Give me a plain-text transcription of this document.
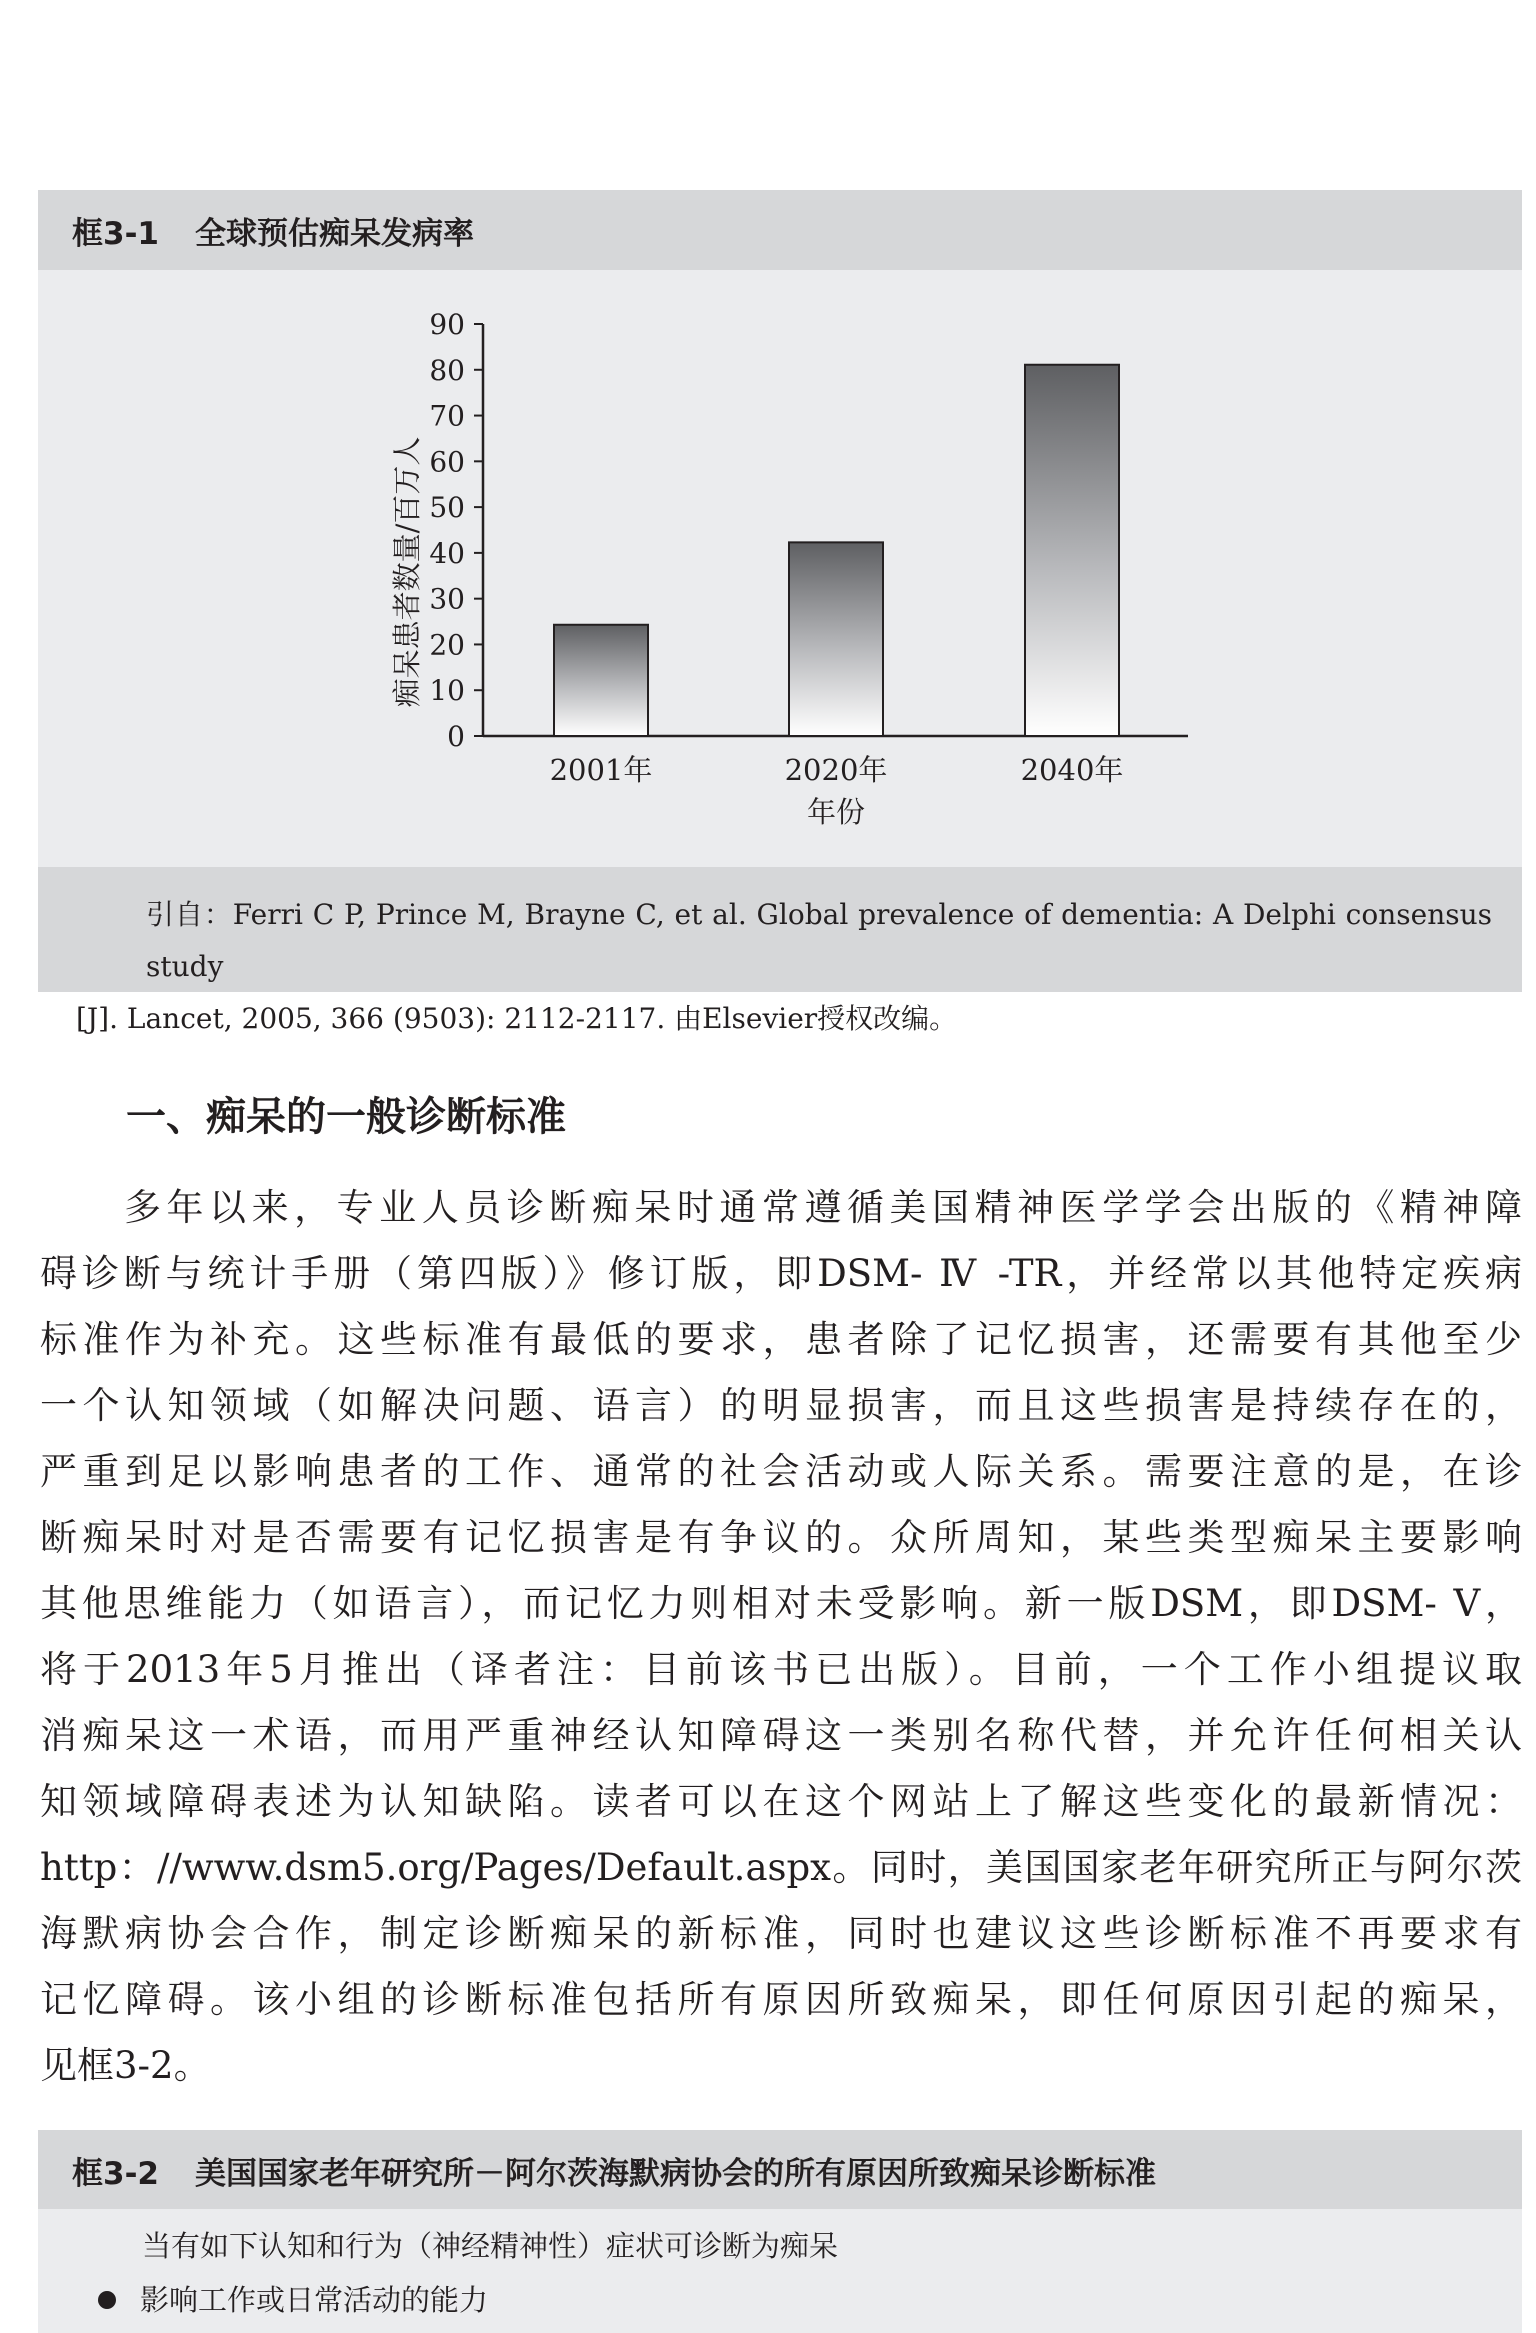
框3-1 全球预估痴呆发病率
0
10
20
30
40
50
60
70
80
90
2001年	2020年	2040年
年份
痴呆患者数量/百万人

引自：Ferri C P, Prince M, Brayne C, et al. Global prevalence of dementia: A Delphi consensus study

[J]. Lancet, 2005, 366 (9503): 2112-2117. 由Elsevier授权改编。

一、痴呆的一般诊断标准
多年以来，专业人员诊断痴呆时通常遵循美国精神医学学会出版的《精神障
碍诊断与统计手册（第四版）》修订版，即DSM- Ⅳ -TR，并经常以其他特定疾病
标准作为补充。这些标准有最低的要求，患者除了记忆损害，还需要有其他至少
一个认知领域（如解决问题、语言）的明显损害，而且这些损害是持续存在的，
严重到足以影响患者的工作、通常的社会活动或人际关系。需要注意的是，在诊
断痴呆时对是否需要有记忆损害是有争议的。众所周知，某些类型痴呆主要影响
其他思维能力（如语言），而记忆力则相对未受影响。新一版DSM，即DSM- Ⅴ，
将于2013年5月推出（译者注：目前该书已出版）。目前，一个工作小组提议取
消痴呆这一术语，而用严重神经认知障碍这一类别名称代替，并允许任何相关认
知领域障碍表述为认知缺陷。读者可以在这个网站上了解这些变化的最新情况：
http：//www.dsm5.org/Pages/Default.aspx。同时，美国国家老年研究所正与阿尔茨
海默病协会合作，制定诊断痴呆的新标准，同时也建议这些诊断标准不再要求有
记忆障碍。该小组的诊断标准包括所有原因所致痴呆，即任何原因引起的痴呆，
见框3-2。
框3-2 美国国家老年研究所－阿尔茨海默病协会的所有原因所致痴呆诊断标准
当有如下认知和行为（神经精神性）症状可诊断为痴呆
影响工作或日常活动的能力
